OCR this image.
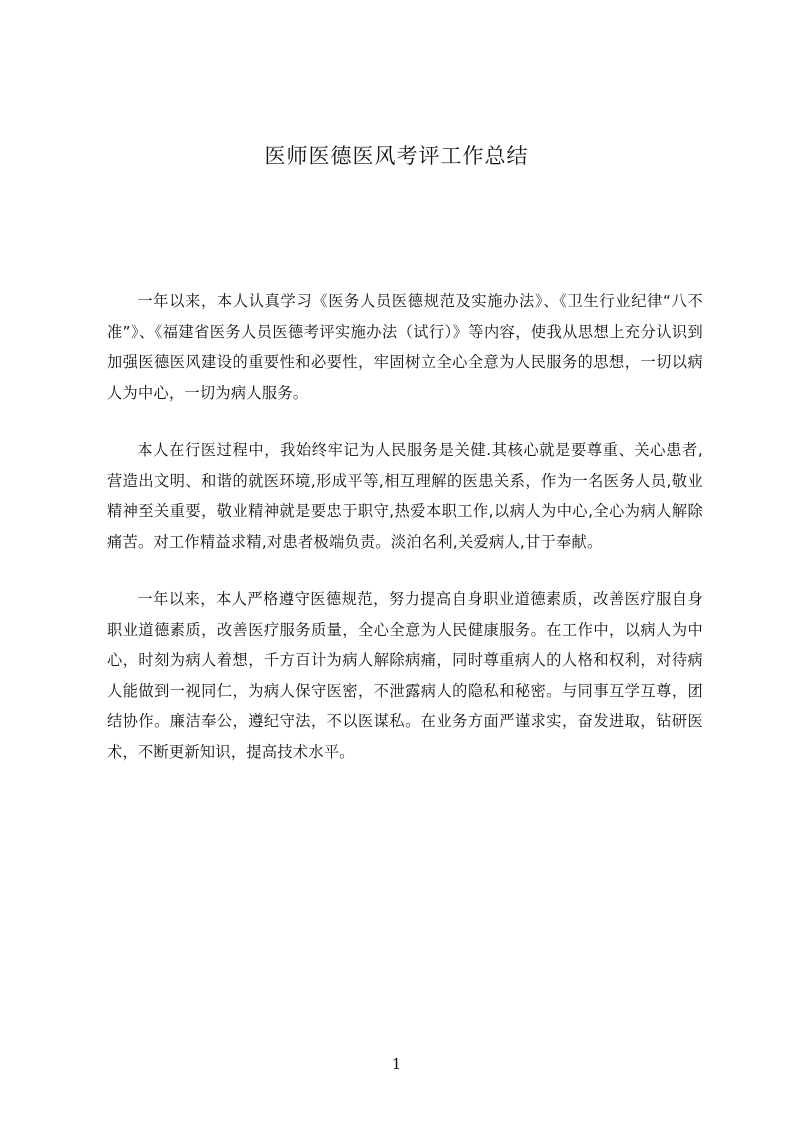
医师医德医风考评工作总结

一年以来，本人认真学习《医务人员医德规范及实施办法》、《卫生行业纪律“八不准”》、《福建省医务人员医德考评实施办法（试行）》等内容，使我从思想上充分认识到加强医德医风建设的重要性和必要性，牢固树立全心全意为人民服务的思想，一切以病人为中心，一切为病人服务。

本人在行医过程中，我始终牢记为人民服务是关健.其核心就是要尊重、关心患者,营造出文明、和谐的就医环境,形成平等,相互理解的医患关系，作为一名医务人员,敬业精神至关重要，敬业精神就是要忠于职守,热爱本职工作,以病人为中心,全心为病人解除痛苦。对工作精益求精,对患者极端负责。淡泊名利,关爱病人,甘于奉献。

一年以来，本人严格遵守医德规范，努力提高自身职业道德素质，改善医疗服自身职业道德素质，改善医疗服务质量，全心全意为人民健康服务。在工作中，以病人为中心，时刻为病人着想，千方百计为病人解除病痛，同时尊重病人的人格和权利，对待病人能做到一视同仁，为病人保守医密，不泄露病人的隐私和秘密。与同事互学互尊，团结协作。廉洁奉公，遵纪守法，不以医谋私。在业务方面严谨求实，奋发进取，钻研医术，不断更新知识，提高技术水平。

1
